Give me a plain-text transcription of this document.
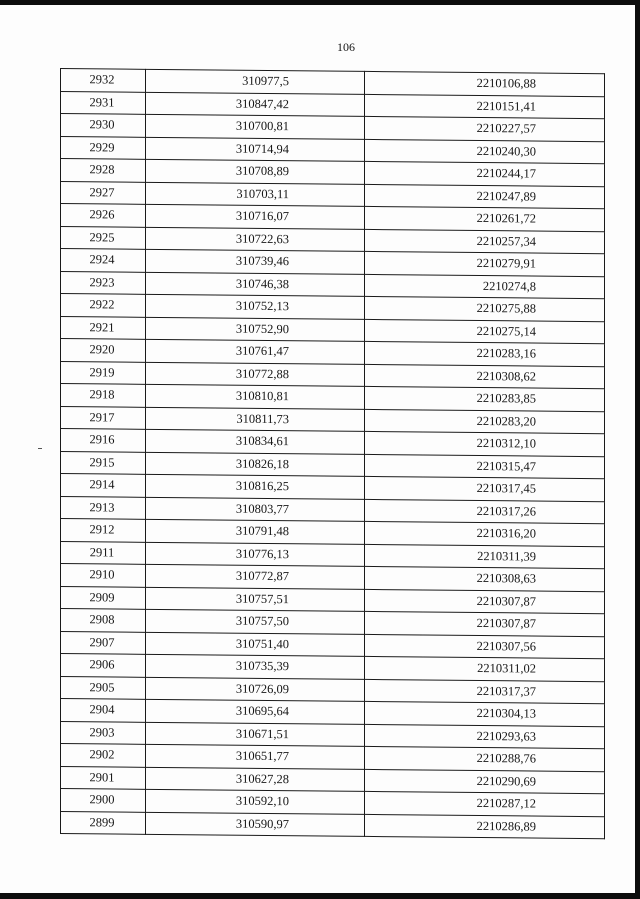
106
2932	310977,5	2210106,88
2931	310847,42	2210151,41
2930	310700,81	2210227,57
2929	310714,94	2210240,30
2928	310708,89	2210244,17
2927	310703,11	2210247,89
2926	310716,07	2210261,72
2925	310722,63	2210257,34
2924	310739,46	2210279,91
2923	310746,38	2210274,8
2922	310752,13	2210275,88
2921	310752,90	2210275,14
2920	310761,47	2210283,16
2919	310772,88	2210308,62
2918	310810,81	2210283,85
2917	310811,73	2210283,20
2916	310834,61	2210312,10
2915	310826,18	2210315,47
2914	310816,25	2210317,45
2913	310803,77	2210317,26
2912	310791,48	2210316,20
2911	310776,13	2210311,39
2910	310772,87	2210308,63
2909	310757,51	2210307,87
2908	310757,50	2210307,87
2907	310751,40	2210307,56
2906	310735,39	2210311,02
2905	310726,09	2210317,37
2904	310695,64	2210304,13
2903	310671,51	2210293,63
2902	310651,77	2210288,76
2901	310627,28	2210290,69
2900	310592,10	2210287,12
2899	310590,97	2210286,89
